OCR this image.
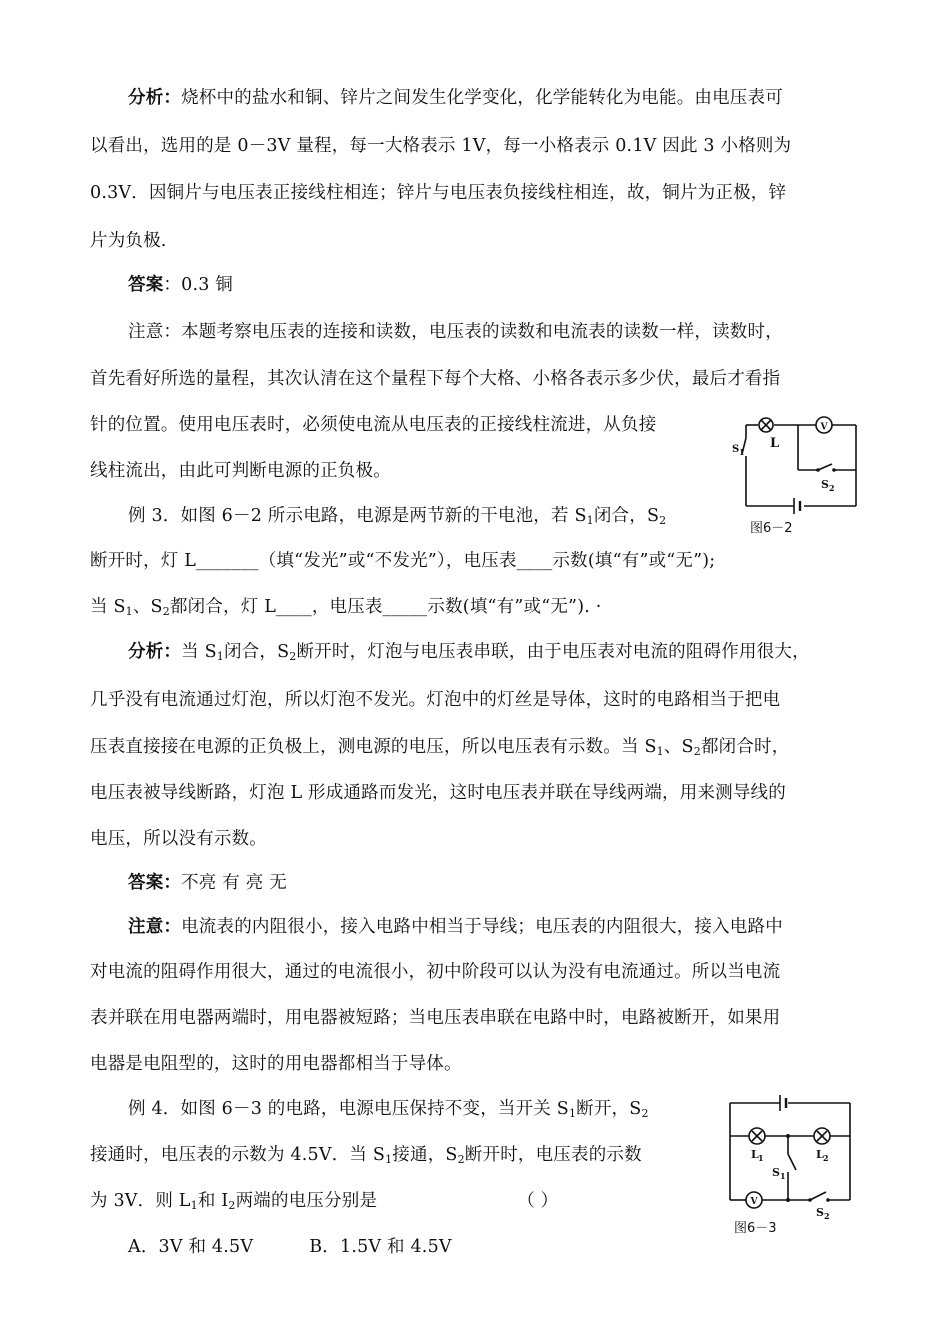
分析：烧杯中的盐水和铜、锌片之间发生化学变化，化学能转化为电能。由电压表可
以看出，选用的是 0－3V 量程，每一大格表示 1V，每一小格表示 0.1V 因此 3 小格则为
0.3V．因铜片与电压表正接线柱相连；锌片与电压表负接线柱相连，故，铜片为正极，锌
片为负极.
答案：0.3 铜
注意：本题考察电压表的连接和读数，电压表的读数和电流表的读数一样，读数时，
首先看好所选的量程，其次认清在这个量程下每个大格、小格各表示多少伏，最后才看指
针的位置。使用电压表时，必须使电流从电压表的正接线柱流进，从负接
线柱流出，由此可判断电源的正负极。
例 3．如图 6－2 所示电路，电源是两节新的干电池，若 $S_1$闭合，$S_2$
断开时，灯 L_______（填“发光”或“不发光”），电压表____示数(填“有”或“无”);
当 $S_1$、$S_2$都闭合，灯 L____，电压表_____示数(填“有”或“无”). ·
分析：当 $S_1$闭合，$S_2$断开时，灯泡与电压表串联，由于电压表对电流的阻碍作用很大，
几乎没有电流通过灯泡，所以灯泡不发光。灯泡中的灯丝是导体，这时的电路相当于把电
压表直接接在电源的正负极上，测电源的电压，所以电压表有示数。当 $S_1$、$S_2$都闭合时，
电压表被导线断路，灯泡 L 形成通路而发光，这时电压表并联在导线两端，用来测导线的
电压，所以没有示数。
答案：不亮 有 亮 无
注意：电流表的内阻很小，接入电路中相当于导线；电压表的内阻很大，接入电路中
对电流的阻碍作用很大，通过的电流很小，初中阶段可以认为没有电流通过。所以当电流
表并联在用电器两端时，用电器被短路；当电压表串联在电路中时，电路被断开，如果用
电器是电阻型的，这时的用电器都相当于导体。
例 4．如图 6－3 的电路，电源电压保持不变，当开关 $S_1$断开，$S_2$
接通时，电压表的示数为 4.5V．当 $S_1$接通，$S_2$断开时，电压表的示数
为 3V．则 $L_1$和 $I_2$两端的电压分别是	（ ）
A．3V 和 4.5V	B．1.5V 和 4.5V
V
L
S 1
S 2
图6－2
V
L 1	L 2
S 1
S 2
图6－3
